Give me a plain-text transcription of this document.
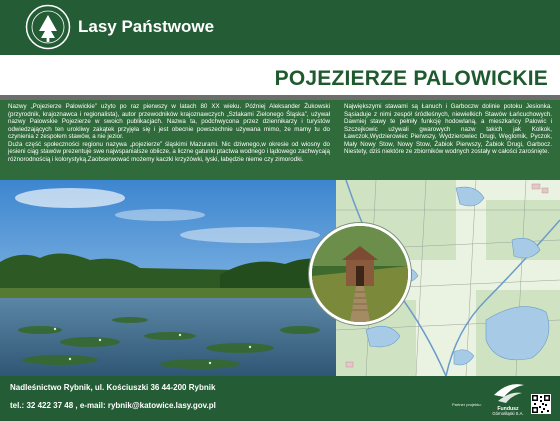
Lasy Państwowe
POJEZIERZE PALOWICKIE

Nazwy „Pojezierze Palowickie” użyto po raz pierwszy w latach 80 XX wieku. Później Aleksander Żukowski (przyrodnik, krajoznawca i regionalista), autor przewodników krajoznawczych „Szlakami Zielonego Śląska”, używał nazwy Palowskie Pojezierze w swoich publikacjach. Nazwa ta, podchwycona przez dziennikarzy i turystów odwiedzających ten urokliwy zakątek przyjęła się i jest obecnie powszechnie używana mimo, że mamy tu do czynienia z zespołem stawów, a nie jezior.

Duża część społeczności regionu nazywa „pojezierze” śląskimi Mazurami. Nic dziwnego,w okresie od wiosny do jesieni ciąg stawów prezentuje swe najwspanialsze oblicze, a liczne gatunki ptactwa wodnego i lądowego zachwycają różnorodnością i kolorystyką.Zaobserwować możemy kaczki krzyżówki, łyski, łabędzie nieme czy zimorodki.

Największymi stawami są Łanuch i Garboczw dolinie potoku Jesionka. Sąsiaduje z nimi zespół śródleśnych, niewielkich Stawów Łańcuchowych. Dawniej stawy te pełniły funkcję hodowlaną, a mieszkańcy Palowic i Szczejkowic używali gwarowych nazw takich jak Kolkok, Ławczok,Wydzierowiec Pierwszy, Wydzierowiec Drugi, Węglomik, Pyczok, Mały Nowy Stow, Nowy Stow, Żabiok Pierwszy, Żabiok Drugi, Garbocz. Niestety, dziś niektóre ze zbiorników wodnych zostały w całości zarośnięte.

Nadleśnictwo Rybnik, ul. Kościuszki 36 44-200 Rybnik
tel.: 32 422 37 48 , e-mail: rybnik@katowice.lasy.gov.pl	Partner projektu:
Fundusz
Górnośląski S.A.
